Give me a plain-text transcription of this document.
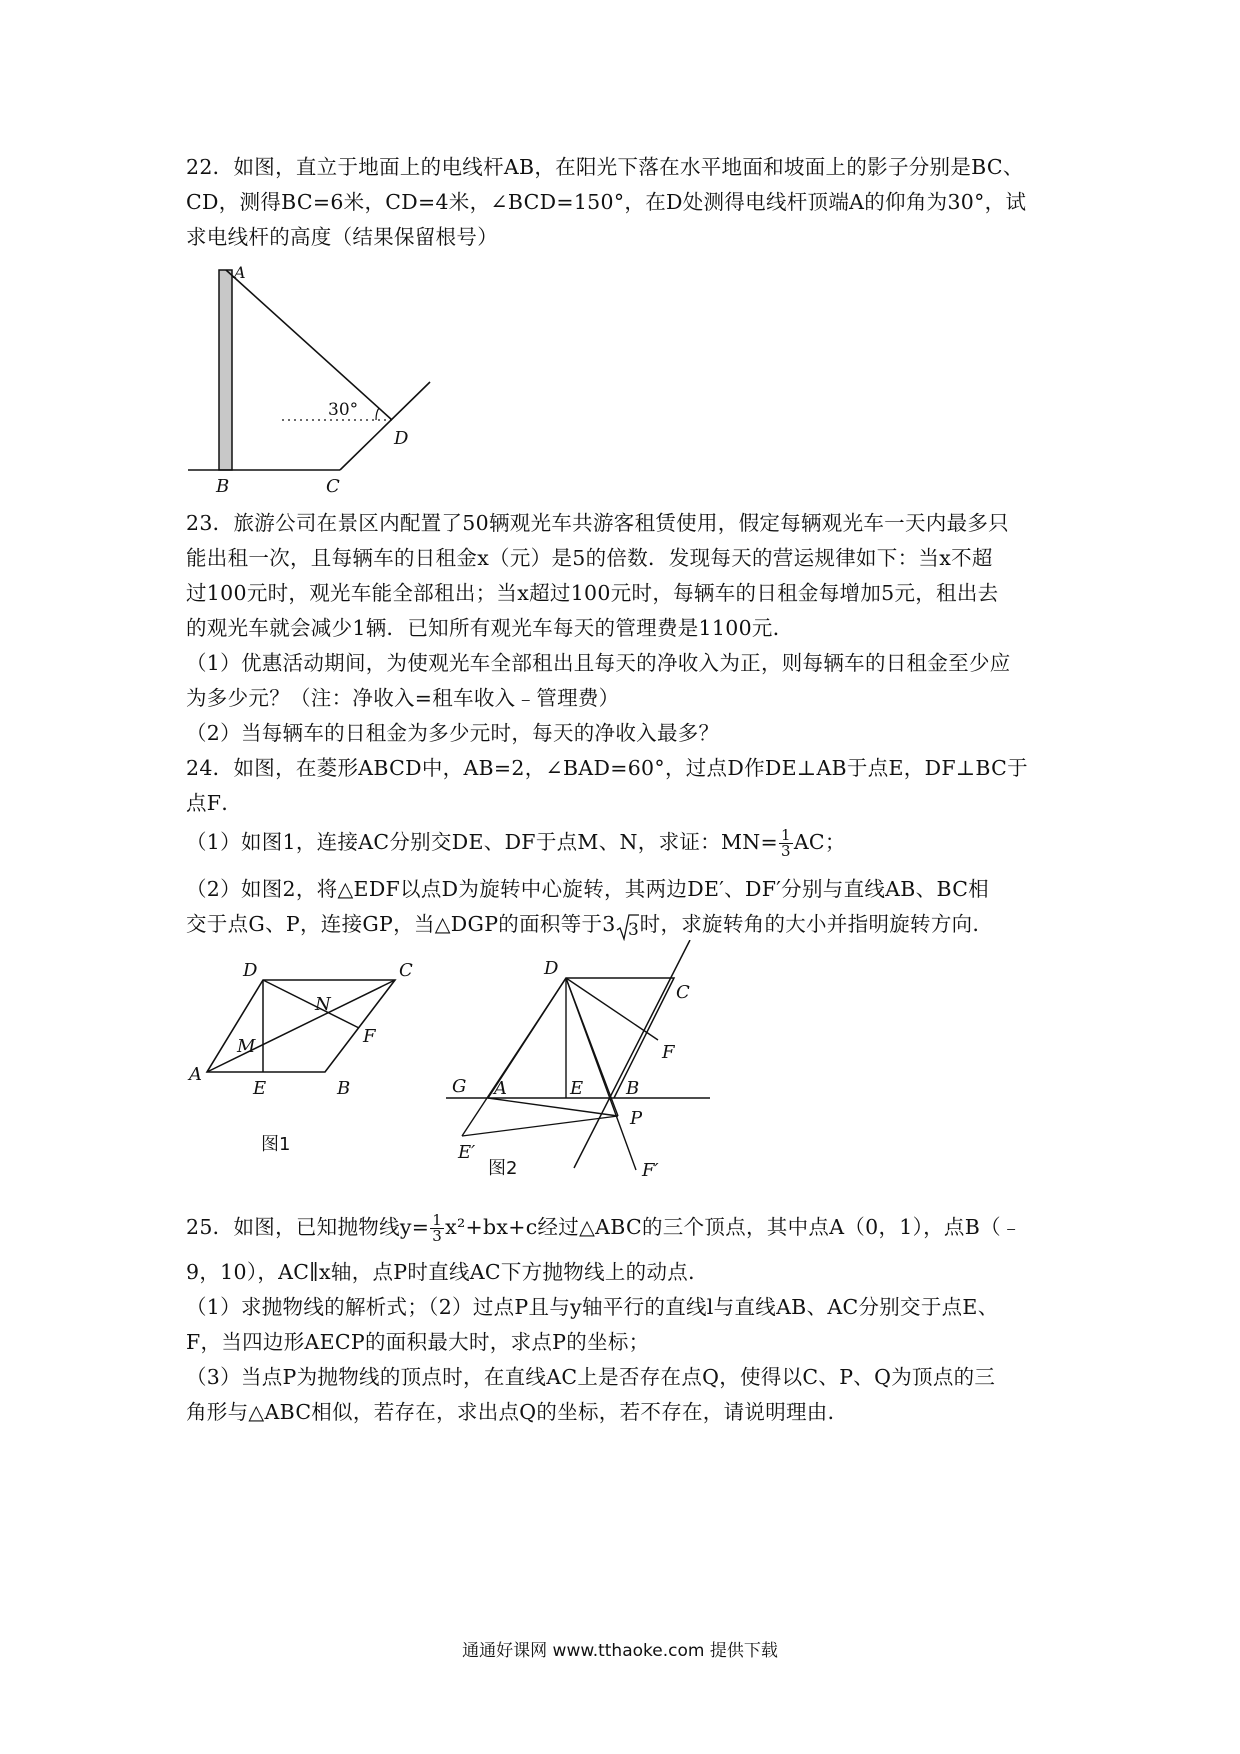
22．如图，直立于地面上的电线杆AB，在阳光下落在水平地面和坡面上的影子分别是BC、
CD，测得BC=6米，CD=4米，∠BCD=150°，在D处测得电线杆顶端A的仰角为30°，试
求电线杆的高度（结果保留根号）
A
B	C
D
30°
23．旅游公司在景区内配置了50辆观光车共游客租赁使用，假定每辆观光车一天内最多只
能出租一次，且每辆车的日租金x（元）是5的倍数．发现每天的营运规律如下：当x不超
过100元时，观光车能全部租出；当x超过100元时，每辆车的日租金每增加5元，租出去
的观光车就会减少1辆．已知所有观光车每天的管理费是1100元．
（1）优惠活动期间，为使观光车全部租出且每天的净收入为正，则每辆车的日租金至少应
为多少元？（注：净收入=租车收入﹣管理费）
（2）当每辆车的日租金为多少元时，每天的净收入最多？
24．如图，在菱形ABCD中，AB=2，∠BAD=60°，过点D作DE⊥AB于点E，DF⊥BC于
点F．
（1）如图1，连接AC分别交DE、DF于点M、N，求证：$MN= \frac{1}{3}$ AC；
（2）如图2，将△EDF以点D为旋转中心旋转，其两边DE′、DF′分别与直线AB、BC相
交于点G、P，连接GP，当△DGP的面积等于3 3 时，求旋转角的大小并指明旋转方向．
D	C
N
M	F
A
E	B
图1
D
C
F
G A	E B
P
E′
F′
图2
25．如图，已知抛物线$y= \frac{1}{3} x^2+bx+c$经过△ABC的三个顶点，其中点A（0，1），点B（﹣
9，10），AC∥x轴，点P时直线AC下方抛物线上的动点．
（1）求抛物线的解析式；（2）过点P且与y轴平行的直线l与直线AB、AC分别交于点E、
F，当四边形AECP的面积最大时，求点P的坐标；
（3）当点P为抛物线的顶点时，在直线AC上是否存在点Q，使得以C、P、Q为顶点的三
角形与△ABC相似，若存在，求出点Q的坐标，若不存在，请说明理由．
通通好课网 www.tthaoke.com 提供下载
